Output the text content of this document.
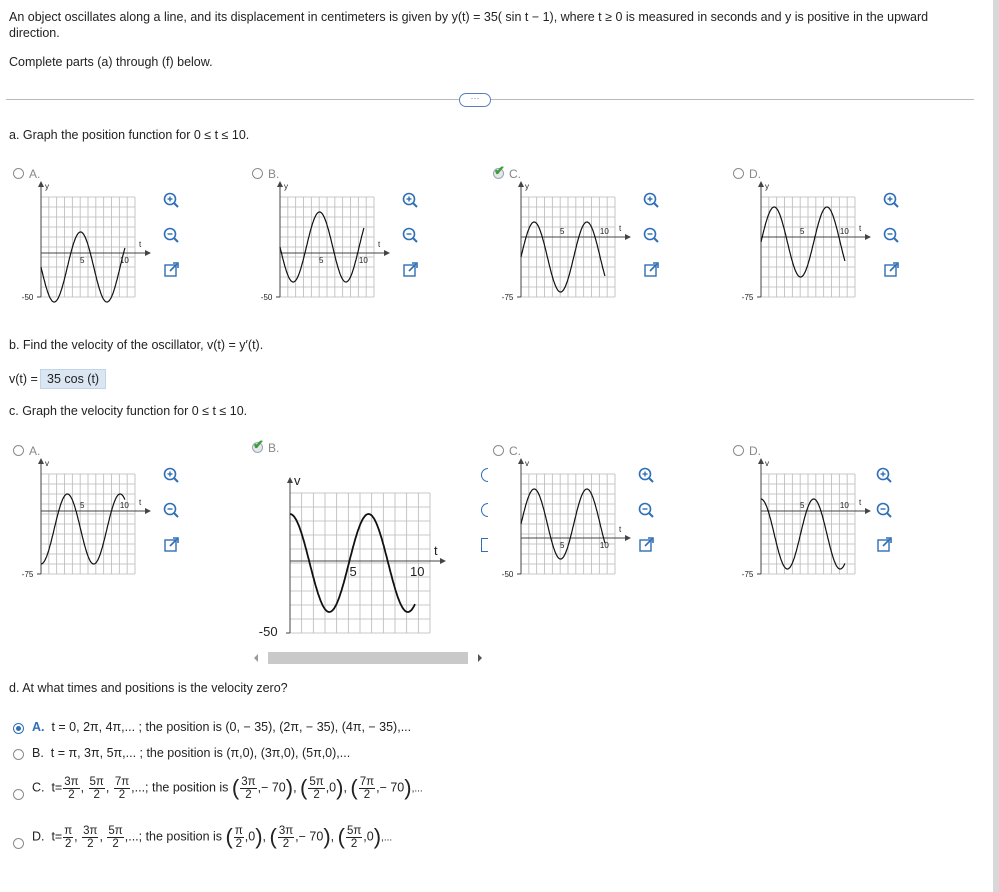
An object oscillates along a line, and its displacement in centimeters is given by y(t) = 35( sin t − 1), where t ≥ 0 is measured in seconds and y is positive in the upward
direction.
Complete parts (a) through (f) below.
···
a. Graph the position function for 0 ≤ t ≤ 10.
A.
y
t
5	10
-50
B.
y
t
5	10
-50
✔ C.
y
t
5	10
-75
D.
y
t
5	10
-75
b. Find the velocity of the oscillator, v(t) = y′(t).
v(t) = 35 cos (t)
c. Graph the velocity function for 0 ≤ t ≤ 10.
A.
v
t
5	10
-75
✔ B.
v
t
5	10
-50
C.
v
t
5	10
-50
D.
v
t
5	10
-75
d. At what times and positions is the velocity zero?
A. t = 0, 2π, 4π,... ; the position is (0, − 35), (2π, − 35), (4π, − 35),...
B. t = π, 3π, 5π,... ; the position is (π,0), (3π,0), (5π,0),...
C.  $t= \frac{3\pi}{2}$ , $\frac{5\pi}{2}$ , $\frac{7\pi}{2}$ ,...; the position is ( $\frac{3\pi}{2}$ ,− 70), ( $\frac{5\pi}{2} ,0$), ( $\frac{7\pi}{2}$ ,− 70),...
D.  $t= \frac{\pi}{2}$ , $\frac{3\pi}{2}$ , $\frac{5\pi}{2}$ ,...; the position is ( $\frac{\pi}{2} ,0$), ( $\frac{3\pi}{2}$ ,− 70), ( $\frac{5\pi}{2} ,0$),...
